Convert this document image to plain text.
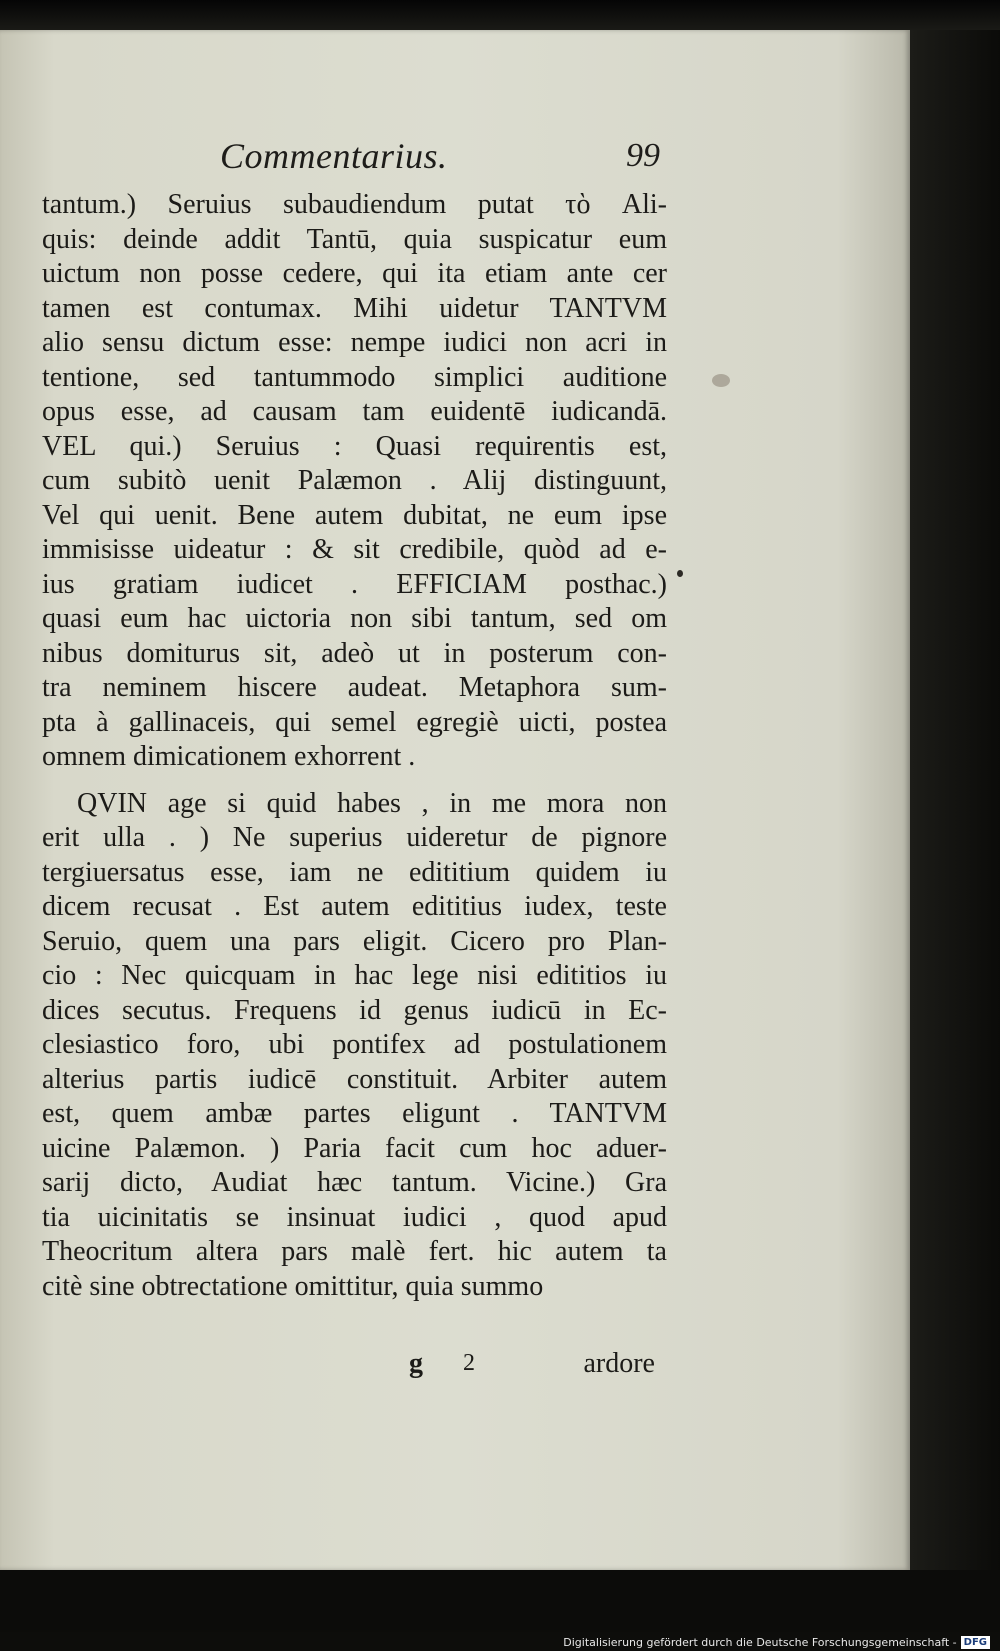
Commentarius.	99
tantum.) Seruius subaudiendum putat τὸ Ali-
quis: deinde addit Tantū, quia suspicatur eum
uictum non posse cedere, qui ita etiam ante cer
tamen est contumax. Mihi uidetur TANTVM
alio sensu dictum esse: nempe iudici non acri in
tentione, sed tantummodo simplici auditione
opus esse, ad causam tam euidentē iudicandā.
VEL qui.) Seruius : Quasi requirentis est,
cum subitò uenit Palæmon . Alij distinguunt,
Vel qui uenit. Bene autem dubitat, ne eum ipse
immisisse uideatur : & sit credibile, quòd ad e-
ius gratiam iudicet . EFFICIAM posthac.)
quasi eum hac uictoria non sibi tantum, sed om
nibus domiturus sit, adeò ut in posterum con-
tra neminem hiscere audeat. Metaphora sum-
pta à gallinaceis, qui semel egregiè uicti, postea
omnem dimicationem exhorrent .
QVIN age si quid habes , in me mora non
erit ulla . ) Ne superius uideretur de pignore
tergiuersatus esse, iam ne edititium quidem iu
dicem recusat . Est autem edititius iudex, teste
Seruio, quem una pars eligit. Cicero pro Plan-
cio : Nec quicquam in hac lege nisi edititios iu
dices secutus. Frequens id genus iudicū in Ec-
clesiastico foro, ubi pontifex ad postulationem
alterius partis iudicē constituit. Arbiter autem
est, quem ambæ partes eligunt . TANTVM
uicine Palæmon. ) Paria facit cum hoc aduer-
sarij dicto, Audiat hæc tantum. Vicine.) Gra
tia uicinitatis se insinuat iudici , quod apud
Theocritum altera pars malè fert. hic autem ta
citè sine obtrectatione omittitur, quia summo
g 2	ardore
Digitalisierung gefördert durch die Deutsche Forschungsgemeinschaft - DFG
